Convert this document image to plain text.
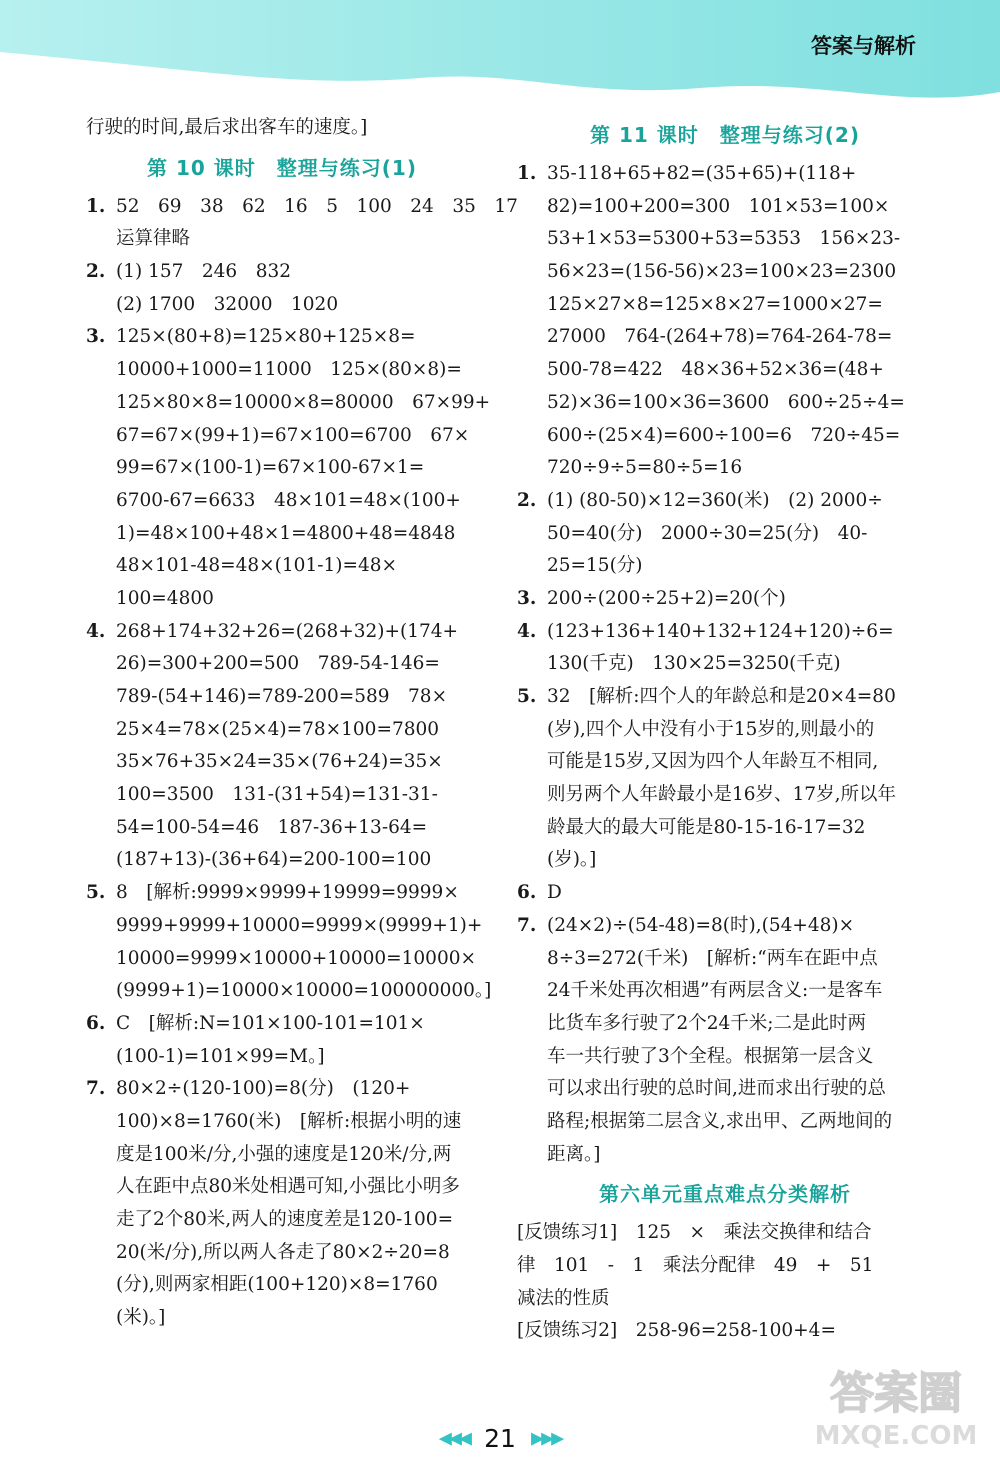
答案与解析
行驶的时间,最后求出客车的速度。]
第 10 课时　整理与练习(1)
1. 52　69　38　62　16　5　100　24　35　17
运算律略
2. (1) 157　246　832
(2) 1700　32000　1020
3. 125×(80+8)=125×80+125×8=
10000+1000=11000　125×(80×8)=
125×80×8=10000×8=80000　67×99+
67=67×(99+1)=67×100=6700　67×
99=67×(100-1)=67×100-67×1=
6700-67=6633　48×101=48×(100+
1)=48×100+48×1=4800+48=4848
48×101-48=48×(101-1)=48×
100=4800
4. 268+174+32+26=(268+32)+(174+
26)=300+200=500　789-54-146=
789-(54+146)=789-200=589　78×
25×4=78×(25×4)=78×100=7800
35×76+35×24=35×(76+24)=35×
100=3500　131-(31+54)=131-31-
54=100-54=46　187-36+13-64=
(187+13)-(36+64)=200-100=100
5. 8　[解析:9999×9999+19999=9999×
9999+9999+10000=9999×(9999+1)+
10000=9999×10000+10000=10000×
(9999+1)=10000×10000=100000000。]
6. C　[解析:N=101×100-101=101×
(100-1)=101×99=M。]
7. 80×2÷(120-100)=8(分)　(120+
100)×8=1760(米)　[解析:根据小明的速
度是100米/分,小强的速度是120米/分,两
人在距中点80米处相遇可知,小强比小明多
走了2个80米,两人的速度差是120-100=
20(米/分),所以两人各走了80×2÷20=8
(分),则两家相距(100+120)×8=1760
(米)。]
第 11 课时　整理与练习(2)
1. 35-118+65+82=(35+65)+(118+
82)=100+200=300　101×53=100×
53+1×53=5300+53=5353　156×23-
56×23=(156-56)×23=100×23=2300
125×27×8=125×8×27=1000×27=
27000　764-(264+78)=764-264-78=
500-78=422　48×36+52×36=(48+
52)×36=100×36=3600　600÷25÷4=
600÷(25×4)=600÷100=6　720÷45=
720÷9÷5=80÷5=16
2. (1) (80-50)×12=360(米)　(2) 2000÷
50=40(分)　2000÷30=25(分)　40-
25=15(分)
3. 200÷(200÷25+2)=20(个)
4. (123+136+140+132+124+120)÷6=
130(千克)　130×25=3250(千克)
5. 32　[解析:四个人的年龄总和是20×4=80
(岁),四个人中没有小于15岁的,则最小的
可能是15岁,又因为四个人年龄互不相同,
则另两个人年龄最小是16岁、17岁,所以年
龄最大的最大可能是80-15-16-17=32
(岁)。]
6. D
7. (24×2)÷(54-48)=8(时),(54+48)×
8÷3=272(千米)　[解析:“两车在距中点
24千米处再次相遇”有两层含义:一是客车
比货车多行驶了2个24千米;二是此时两
车一共行驶了3个全程。根据第一层含义
可以求出行驶的总时间,进而求出行驶的总
路程;根据第二层含义,求出甲、乙两地间的
距离。]
第六单元重点难点分类解析
[反馈练习1]　125　×　乘法交换律和结合
律　101　-　1　乘法分配律　49　+　51
减法的性质
[反馈练习2]　258-96=258-100+4=
◀◀◀ 21 ▶▶▶
答案圈
MXQE.COM
